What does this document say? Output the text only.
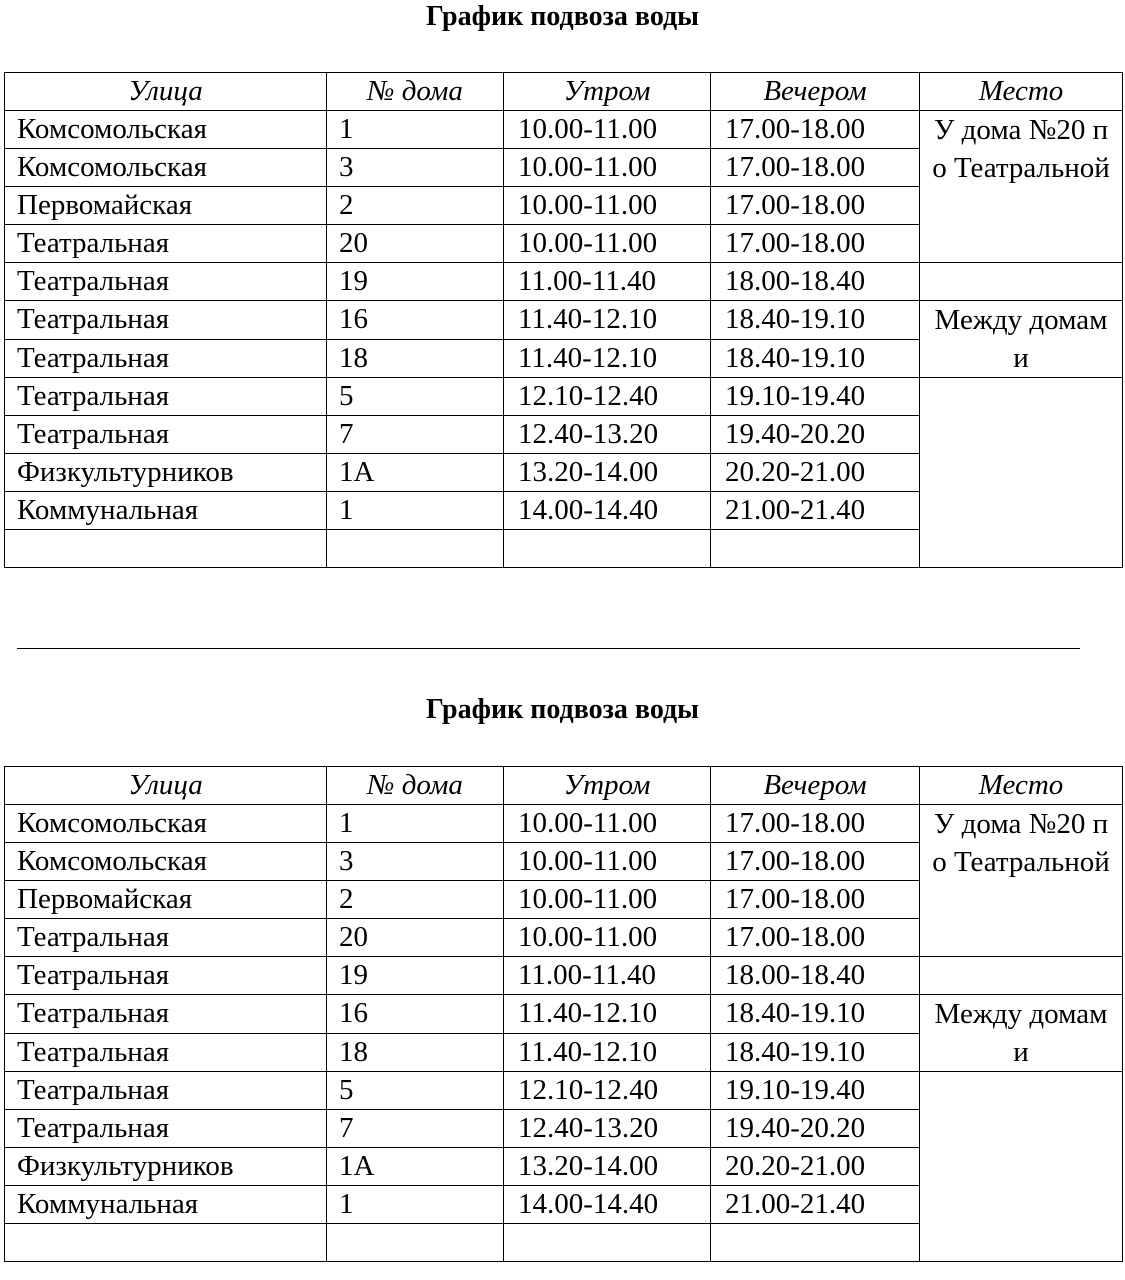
График подвоза воды
Улица	№ дома	Утром	Вечером	Место
Комсомольская	1	10.00-11.00	17.00-18.00	У дома №20 по Театральной

Комсомольская	3	10.00-11.00	17.00-18.00	
Первомайская	2	10.00-11.00	17.00-18.00	
Театральная	20	10.00-11.00	17.00-18.00	
Театральная	19	11.00-11.40	18.00-18.40	

Театральная	16	11.40-12.10	18.40-19.10	Между домами

Театральная	18	11.40-12.10	18.40-19.10	
Театральная	5	12.10-12.40	19.10-19.40	

Театральная	7	12.40-13.20	19.40-20.20	
Физкультурников	1А	13.20-14.00	20.20-21.00	
Коммунальная	1	14.00-14.40	21.00-21.40	

График подвоза воды
Улица	№ дома	Утром	Вечером	Место
Комсомольская	1	10.00-11.00	17.00-18.00	У дома №20 по Театральной

Комсомольская	3	10.00-11.00	17.00-18.00	
Первомайская	2	10.00-11.00	17.00-18.00	
Театральная	20	10.00-11.00	17.00-18.00	
Театральная	19	11.00-11.40	18.00-18.40	

Театральная	16	11.40-12.10	18.40-19.10	Между домами

Театральная	18	11.40-12.10	18.40-19.10	
Театральная	5	12.10-12.40	19.10-19.40	

Театральная	7	12.40-13.20	19.40-20.20	
Физкультурников	1А	13.20-14.00	20.20-21.00	
Коммунальная	1	14.00-14.40	21.00-21.40	
